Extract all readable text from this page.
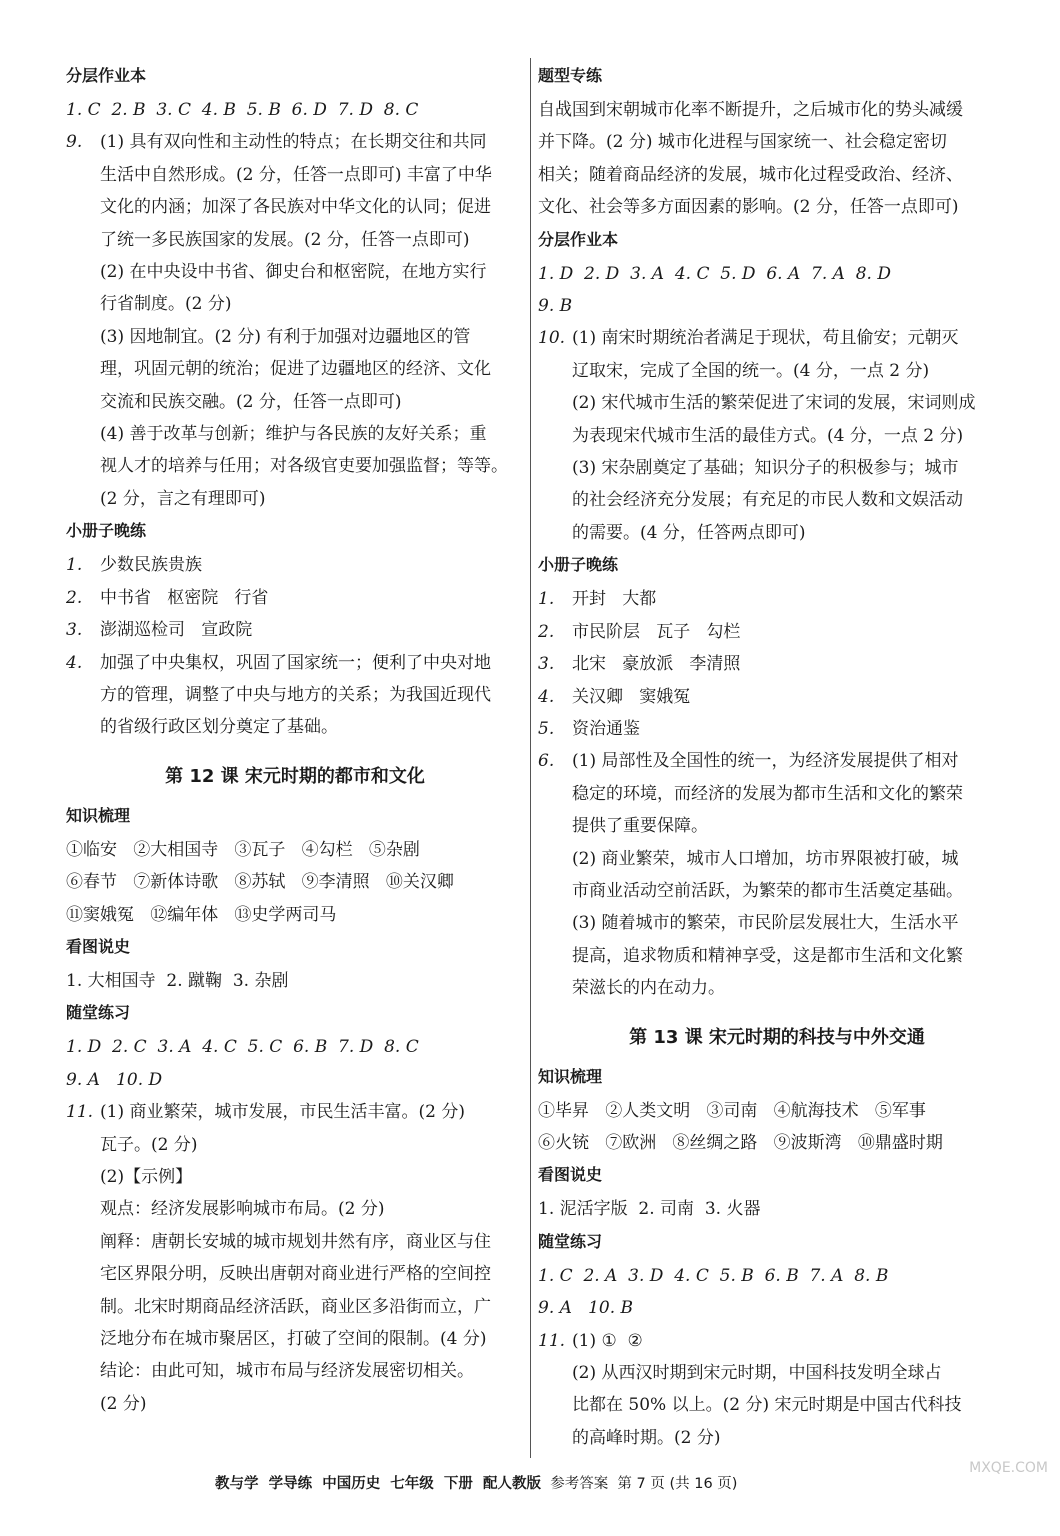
分层作业本

1. C  2. B  3. C  4. B  5. B  6. D  7. D  8. C

9.	(1) 具有双向性和主动性的特点；在长期交往和共同

生活中自然形成。(2 分，任答一点即可) 丰富了中华

文化的内涵；加深了各民族对中华文化的认同；促进

了统一多民族国家的发展。(2 分，任答一点即可)

(2) 在中央设中书省、御史台和枢密院，在地方实行

行省制度。(2 分)

(3) 因地制宜。(2 分) 有利于加强对边疆地区的管

理，巩固元朝的统治；促进了边疆地区的经济、文化

交流和民族交融。(2 分，任答一点即可)

(4) 善于改革与创新；维护与各民族的友好关系；重

视人才的培养与任用；对各级官吏要加强监督；等等。

(2 分，言之有理即可)

小册子晚练
1.	少数民族贵族

2.	中书省   枢密院   行省

3.	澎湖巡检司   宣政院

4.	加强了中央集权，巩固了国家统一；便利了中央对地

方的管理，调整了中央与地方的关系；为我国近现代

的省级行政区划分奠定了基础。

第 12 课 宋元时期的都市和文化
知识梳理

①临安   ②大相国寺   ③瓦子   ④勾栏   ⑤杂剧

⑥春节   ⑦新体诗歌   ⑧苏轼   ⑨李清照   ⑩关汉卿

⑪窦娥冤   ⑫编年体   ⑬史学两司马

看图说史

1. 大相国寺  2. 蹴鞠  3. 杂剧

随堂练习

1. D  2. C  3. A  4. C  5. C  6. B  7. D  8. C

9. A   10. D

11. (1) 商业繁荣，城市发展，市民生活丰富。(2 分)

瓦子。(2 分)

(2)【示例】

观点：经济发展影响城市布局。(2 分)

阐释：唐朝长安城的城市规划井然有序，商业区与住

宅区界限分明，反映出唐朝对商业进行严格的空间控

制。北宋时期商品经济活跃，商业区多沿街而立，广

泛地分布在城市聚居区，打破了空间的限制。(4 分)

结论：由此可知，城市布局与经济发展密切相关。

(2 分)

题型专练

自战国到宋朝城市化率不断提升，之后城市化的势头减缓

并下降。(2 分) 城市化进程与国家统一、社会稳定密切

相关；随着商品经济的发展，城市化过程受政治、经济、

文化、社会等多方面因素的影响。(2 分，任答一点即可)

分层作业本

1. D  2. D  3. A  4. C  5. D  6. A  7. A  8. D

9. B

10. (1) 南宋时期统治者满足于现状，苟且偷安；元朝灭

辽取宋，完成了全国的统一。(4 分，一点 2 分)

(2) 宋代城市生活的繁荣促进了宋词的发展，宋词则成

为表现宋代城市生活的最佳方式。(4 分，一点 2 分)

(3) 宋杂剧奠定了基础；知识分子的积极参与；城市

的社会经济充分发展；有充足的市民人数和文娱活动

的需要。(4 分，任答两点即可)

小册子晚练
1.	开封   大都

2.	市民阶层   瓦子   勾栏

3.	北宋   豪放派   李清照

4.	关汉卿   窦娥冤

5.	资治通鉴

6.	(1) 局部性及全国性的统一，为经济发展提供了相对

稳定的环境，而经济的发展为都市生活和文化的繁荣

提供了重要保障。

(2) 商业繁荣，城市人口增加，坊市界限被打破，城

市商业活动空前活跃，为繁荣的都市生活奠定基础。

(3) 随着城市的繁荣，市民阶层发展壮大，生活水平

提高，追求物质和精神享受，这是都市生活和文化繁

荣滋长的内在动力。

第 13 课 宋元时期的科技与中外交通
知识梳理

①毕昇   ②人类文明   ③司南   ④航海技术   ⑤军事

⑥火铳   ⑦欧洲   ⑧丝绸之路   ⑨波斯湾   ⑩鼎盛时期

看图说史

1. 泥活字版  2. 司南  3. 火器

随堂练习

1. C  2. A  3. D  4. C  5. B  6. B  7. A  8. B

9. A   10. B

11. (1) ①  ②

(2) 从西汉时期到宋元时期，中国科技发明全球占

比都在 50% 以上。(2 分) 宋元时期是中国古代科技

的高峰时期。(2 分)

教与学  学导练  中国历史  七年级  下册  配人教版  参考答案  第 7 页 (共 16 页)
MXQE.COM
